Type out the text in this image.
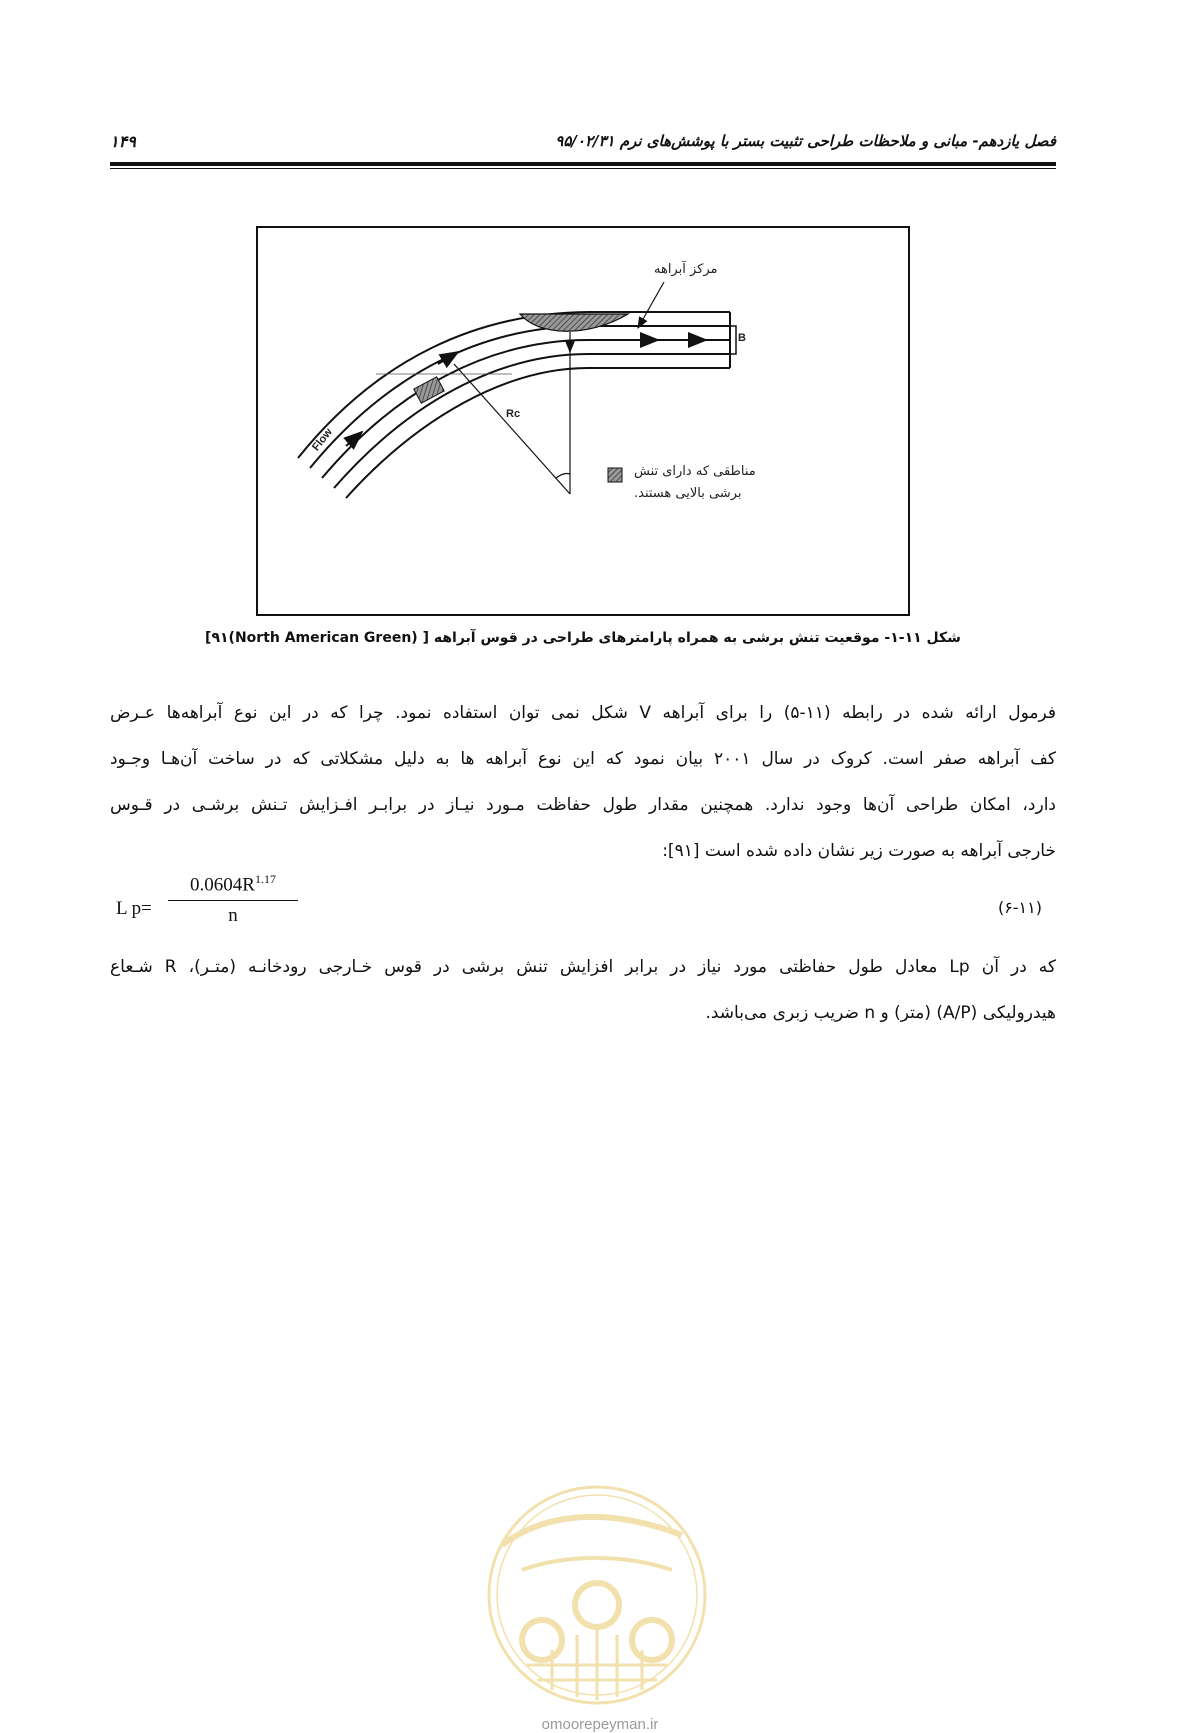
فصل یازدهم- مبانی و ملاحظات طراحی تثبیت بستر با پوشش‌های نرم ۹۵/۰۲/۳۱
۱۴۹
مرکز آبراهه
B
Rc
Flow
مناطقی که دارای تنش
برشی بالایی هستند.
شکل ۱۱-۱- موقعیت تنش برشی به همراه پارامترهای طراحی در قوس آبراهه [ (North American Green)۹۱]
فرمول ارائه شده در رابطه (۱۱-۵) را برای آبراهه V شکل نمی توان استفاده نمود. چرا که در این نوع آبراهه‌ها عـرض
کف آبراهه صفر است. کروک در سال ۲۰۰۱ بیان نمود که این نوع آبراهه ها به دلیل مشکلاتی که در ساخت آن‌هـا وجـود
دارد، امکان طراحی آن‌ها وجود ندارد. همچنین مقدار طول حفاظت مـورد نیـاز در برابـر افـزایش تـنش برشـی در قـوس
خارجی آبراهه به صورت زیر نشان داده شده است [۹۱]:
L $p= \frac{0.0604R^{1.17}}{n}$	(۶-۱۱)
که در آن Lp معادل طول حفاظتی مورد نیاز در برابر افزایش تنش برشی در قوس خـارجی رودخانـه (متـر)، R شـعاع
هیدرولیکی (A/P) (متر) و n ضریب زبری می‌باشد.
omoorepeyman.ir
